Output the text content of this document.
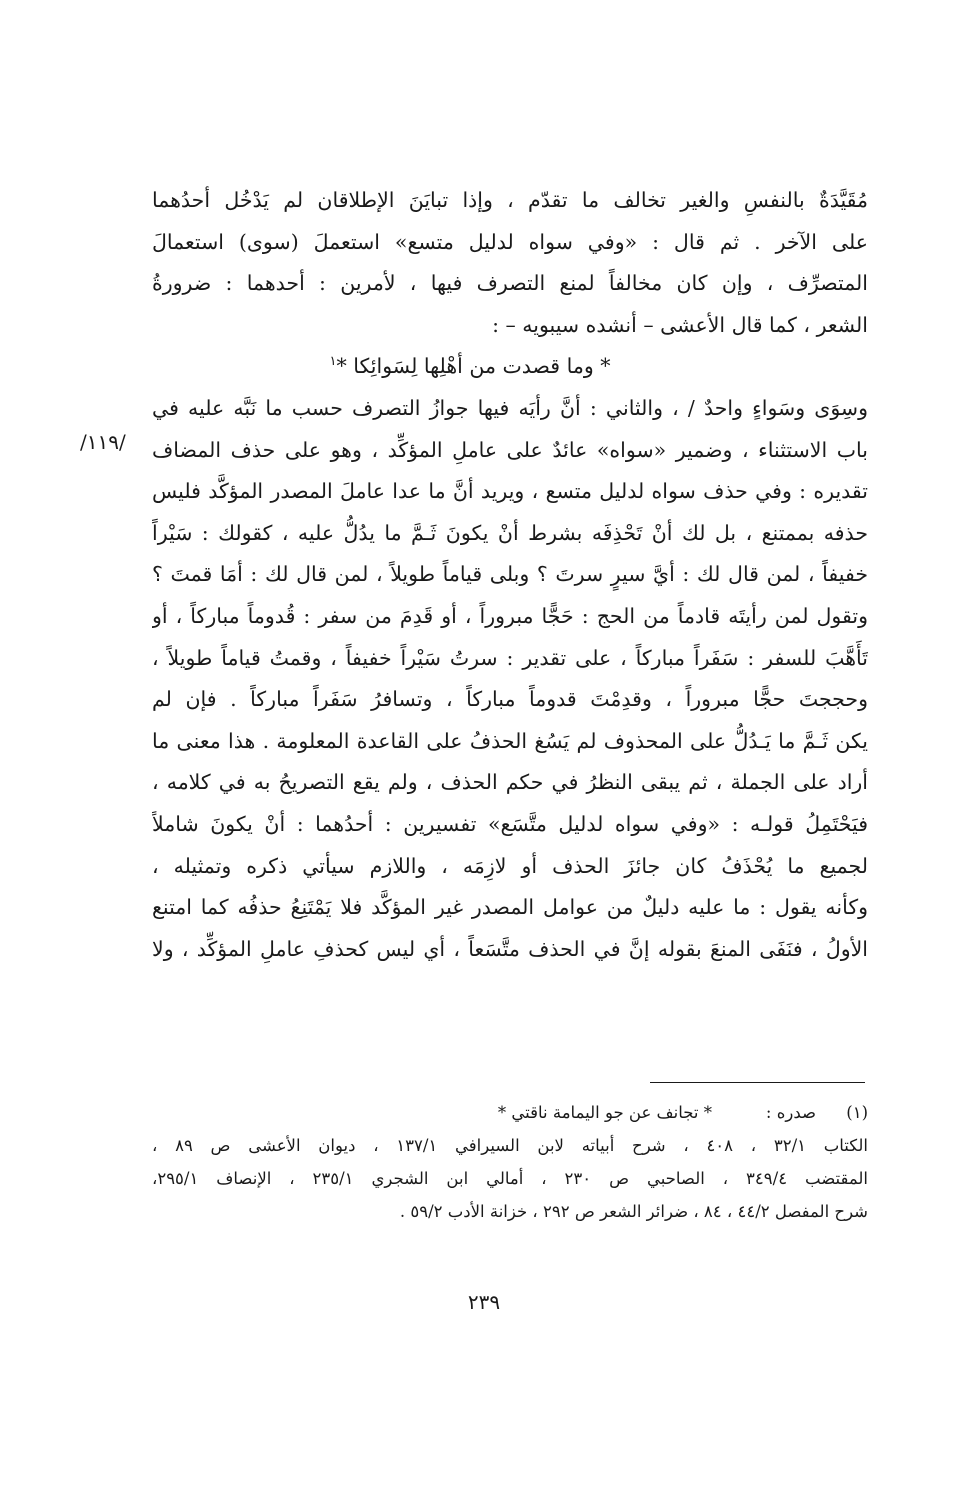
/١١٩/
مُقَيَّدَةٌ بالنفسِ والغير تخالف ما تقدّم ، وإذا تبايَنَ الإطلاقان لم يَدْخُل أحدُهما
على الآخر . ثم قال : «وفي سواه لدليل متسع» استعملَ (سوى) استعمالَ
المتصرِّف ، وإن كان مخالفاً لمنع التصرف فيها ، لأمرين : أحدهما : ضرورةُ
الشعر ، كما قال الأعشى – أنشده سيبويه – :
* وما قصدت من أهْلِها لِسَوائِكا *$^١$
وسِوَى وسَواءٍ واحدٌ / ، والثاني : أنَّ رأيَه فيها جوازُ التصرف حسب ما نَبَّه عليه في
باب الاستثناء ، وضمير «سواه» عائدٌ على عاملِ المؤكِّد ، وهو على حذف المضاف
تقديره : وفي حذف سواه لدليل متسع ، ويريد أنَّ ما عدا عاملَ المصدر المؤكَّد فليس
حذفه بممتنع ، بل لك أنْ تَحْذِفَه بشرط أنْ يكونَ ثَـمَّ ما يدُلُّ عليه ، كقولك : سَيْراً
خفيفاً ، لمن قال لك : أيَّ سيرٍ سرتَ ؟ وبلى قياماً طويلاً ، لمن قال لك : أمَا قمتَ ؟
وتقول لمن رأيتَه قادماً من الحج : حَجًّا مبروراً ، أو قَدِمَ من سفر : قُدوماً مباركاً ، أو
تَأَهَّبَ للسفر : سَفَراً مباركاً ، على تقدير : سرتُ سَيْراً خفيفاً ، وقمتُ قياماً طويلاً ،
وحججتَ حجًّا مبروراً ، وقدِمْتَ قدوماً مباركاً ، وتسافرُ سَفَراً مباركاً . فإن لم
يكن ثَـمَّ ما يَـدُلُّ على المحذوف لم يَسُغ الحذفُ على القاعدة المعلومة . هذا معنى ما
أراد على الجملة ، ثم يبقى النظرُ في حكم الحذف ، ولم يقع التصريحُ به في كلامه ،
فيَحْتَمِلُ قولـه : «وفي سواه لدليل متَّسَع» تفسيرين : أحدُهما : أنْ يكونَ شاملاً
لجميع ما يُحْذَفُ كان جائزَ الحذف أو لازِمَه ، واللازم سيأتي ذكره وتمثيله ،
وكأنه يقول : ما عليه دليلٌ من عوامل المصدر غير المؤكَّد فلا يَمْتَنِعُ حذفُه كما امتنع
الأولُ ، فنَفَى المنعَ بقوله إنَّ في الحذف متَّسَعاً ، أي ليس كحذفِ عاملِ المؤكِّد ، ولا
(١)
صدره :
* تجانف عن جو اليمامة ناقتي *
الكتاب ٣٢/١ ، ٤٠٨ ، شرح أبياته لابن السيرافي ١٣٧/١ ، ديوان الأعشى ص ٨٩ ،
المقتضب ٣٤٩/٤ ، الصاحبي ص ٢٣٠ ، أمالي ابن الشجري ٢٣٥/١ ، الإنصاف ٢٩٥/١،
شرح المفصل ٤٤/٢ ، ٨٤ ، ضرائر الشعر ص ٢٩٢ ، خزانة الأدب ٥٩/٢ .
٢٣٩
